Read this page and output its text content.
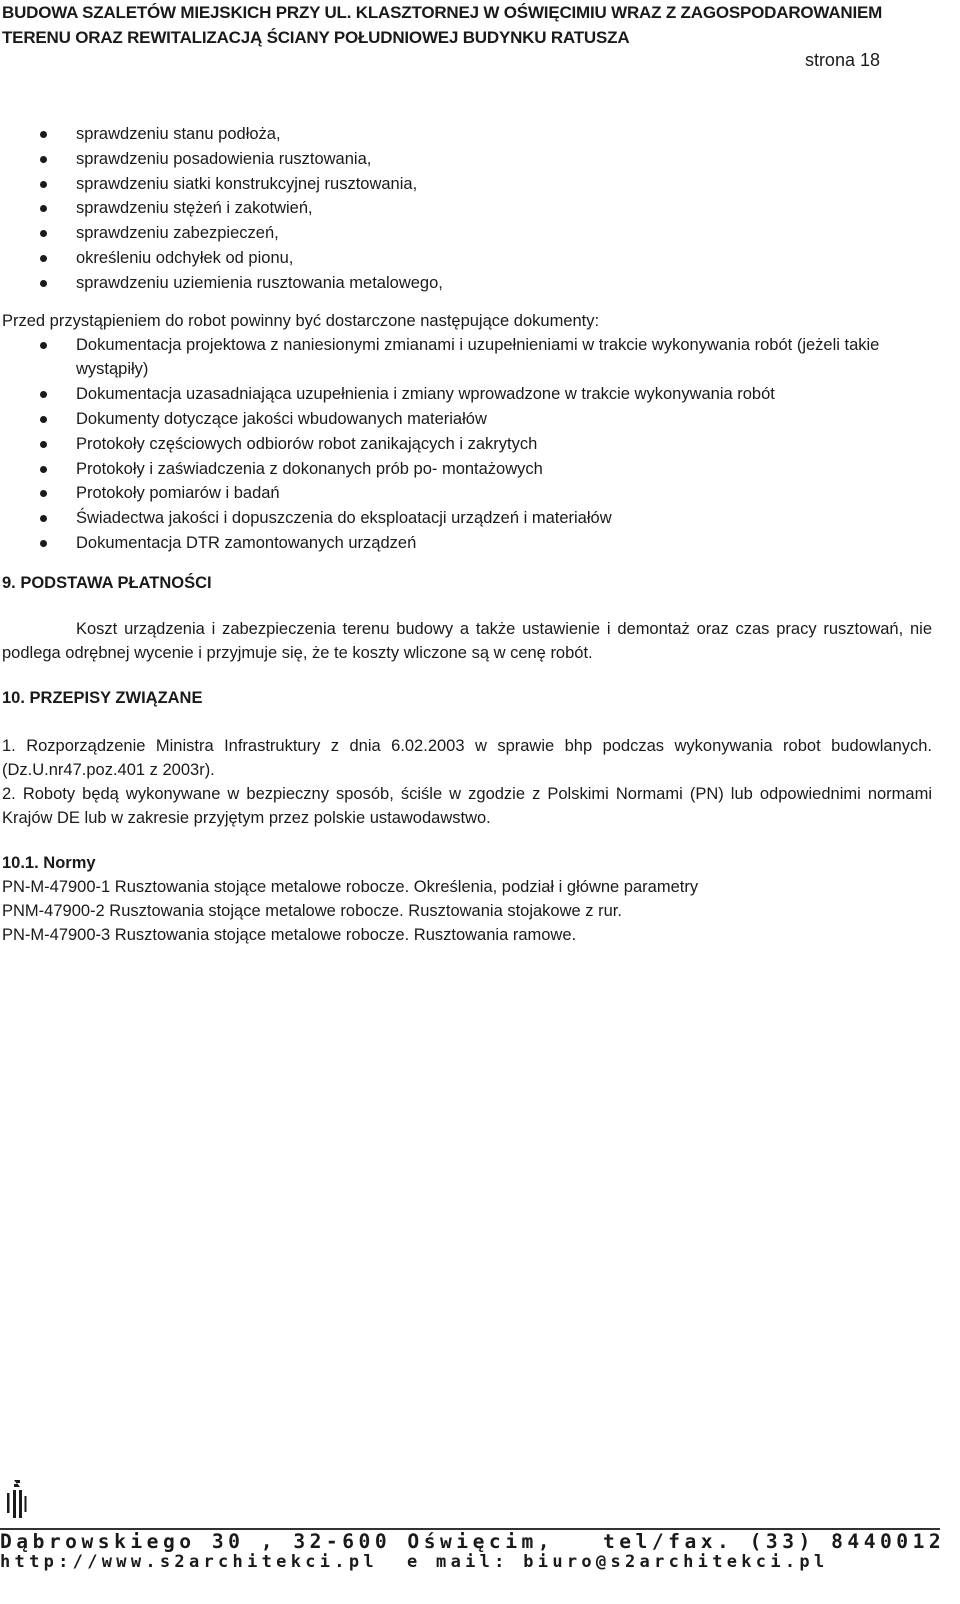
BUDOWA SZALETÓW MIEJSKICH PRZY UL. KLASZTORNEJ W OŚWIĘCIMIU WRAZ Z ZAGOSPODAROWANIEM
TERENU ORAZ REWITALIZACJĄ ŚCIANY POŁUDNIOWEJ BUDYNKU RATUSZA
strona 18
sprawdzeniu stanu podłoża,
sprawdzeniu posadowienia rusztowania,
sprawdzeniu siatki konstrukcyjnej rusztowania,
sprawdzeniu stężeń i zakotwień,
sprawdzeniu zabezpieczeń,
określeniu odchyłek od pionu,
sprawdzeniu uziemienia rusztowania metalowego,
Przed przystąpieniem do robot powinny być dostarczone następujące dokumenty:
Dokumentacja projektowa z naniesionymi zmianami i uzupełnieniami w trakcie wykonywania robót (jeżeli takie wystąpiły)
Dokumentacja uzasadniająca uzupełnienia i zmiany wprowadzone w trakcie wykonywania robót
Dokumenty dotyczące jakości wbudowanych materiałów
Protokoły częściowych odbiorów robot zanikających i zakrytych
Protokoły i zaświadczenia z dokonanych prób po- montażowych
Protokoły pomiarów i badań
Świadectwa jakości i dopuszczenia do eksploatacji urządzeń i materiałów
Dokumentacja DTR zamontowanych urządzeń
9. PODSTAWA PŁATNOŚCI
Koszt urządzenia i zabezpieczenia terenu budowy a także ustawienie i demontaż oraz czas pracy rusztowań, nie podlega odrębnej wycenie i przyjmuje się, że te koszty wliczone są w cenę robót.
10. PRZEPISY ZWIĄZANE
1. Rozporządzenie Ministra Infrastruktury z dnia 6.02.2003 w sprawie bhp podczas wykonywania robot budowlanych. (Dz.U.nr47.poz.401 z 2003r).
2. Roboty będą wykonywane w bezpieczny sposób, ściśle w zgodzie z Polskimi Normami (PN) lub odpowiednimi normami Krajów DE lub w zakresie przyjętym przez polskie ustawodawstwo.
10.1. Normy
PN-M-47900-1 Rusztowania stojące metalowe robocze. Określenia, podział i główne parametry
PNM-47900-2 Rusztowania stojące metalowe robocze. Rusztowania stojakowe z rur.
PN-M-47900-3 Rusztowania stojące metalowe robocze. Rusztowania ramowe.
Dąbrowskiego 30 , 32-600 Oświęcim,   tel/fax. (33) 8440012
http://www.s2architekci.pl  e mail: biuro@s2architekci.pl
